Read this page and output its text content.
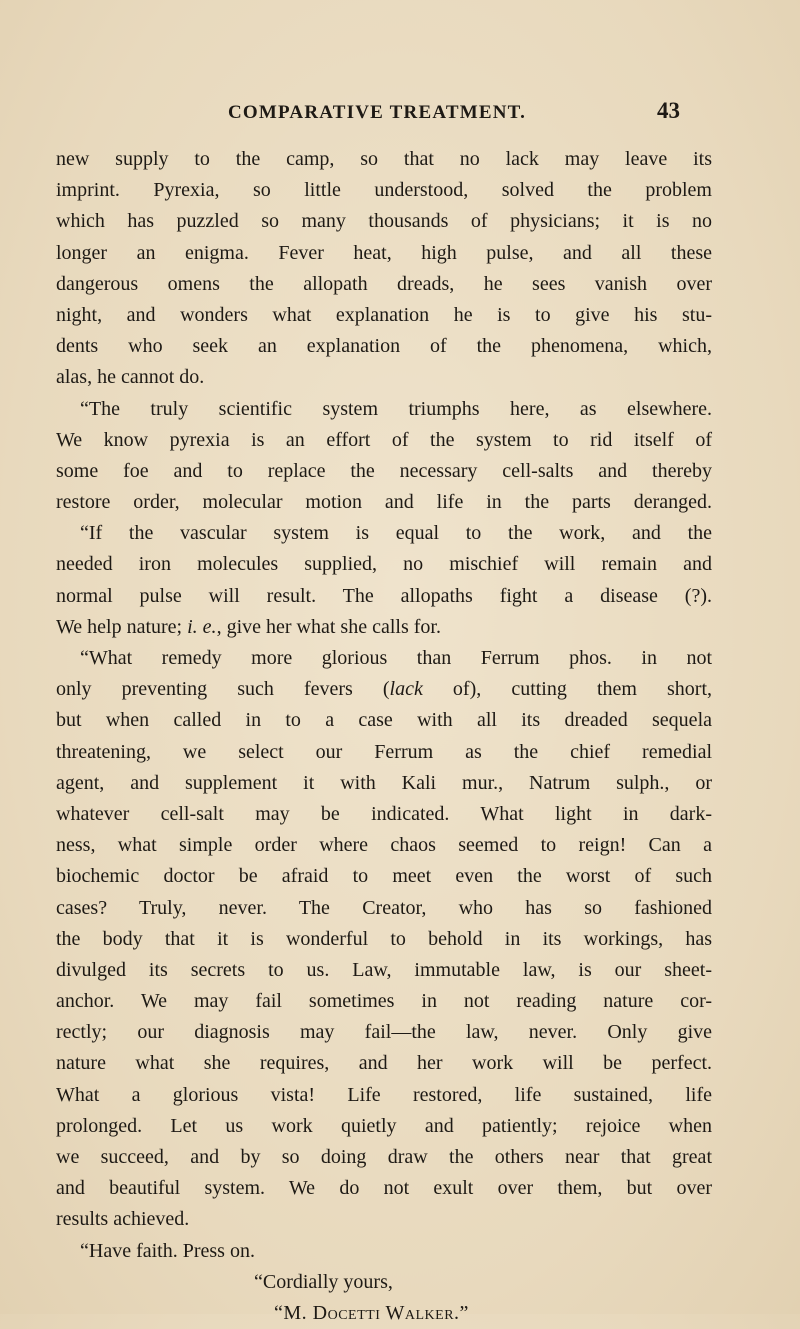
COMPARATIVE TREATMENT.	43
new supply to the camp, so that no lack may leave its
imprint. Pyrexia, so little understood, solved the problem
which has puzzled so many thousands of physicians; it is no
longer an enigma. Fever heat, high pulse, and all these
dangerous omens the allopath dreads, he sees vanish over
night, and wonders what explanation he is to give his stu-
dents who seek an explanation of the phenomena, which,
alas, he cannot do.
“The truly scientific system triumphs here, as elsewhere.
We know pyrexia is an effort of the system to rid itself of
some foe and to replace the necessary cell-salts and thereby
restore order, molecular motion and life in the parts deranged.
“If the vascular system is equal to the work, and the
needed iron molecules supplied, no mischief will remain and
normal pulse will result. The allopaths fight a disease (?).
We help nature; i. e., give her what she calls for.
“What remedy more glorious than Ferrum phos. in not
only preventing such fevers (lack of), cutting them short,
but when called in to a case with all its dreaded sequela
threatening, we select our Ferrum as the chief remedial
agent, and supplement it with Kali mur., Natrum sulph., or
whatever cell-salt may be indicated. What light in dark-
ness, what simple order where chaos seemed to reign! Can a
biochemic doctor be afraid to meet even the worst of such
cases? Truly, never. The Creator, who has so fashioned
the body that it is wonderful to behold in its workings, has
divulged its secrets to us. Law, immutable law, is our sheet-
anchor. We may fail sometimes in not reading nature cor-
rectly; our diagnosis may fail—the law, never. Only give
nature what she requires, and her work will be perfect.
What a glorious vista! Life restored, life sustained, life
prolonged. Let us work quietly and patiently; rejoice when
we succeed, and by so doing draw the others near that great
and beautiful system. We do not exult over them, but over
results achieved.
“Have faith. Press on.
“Cordially yours,
“M. Docetti Walker.”
